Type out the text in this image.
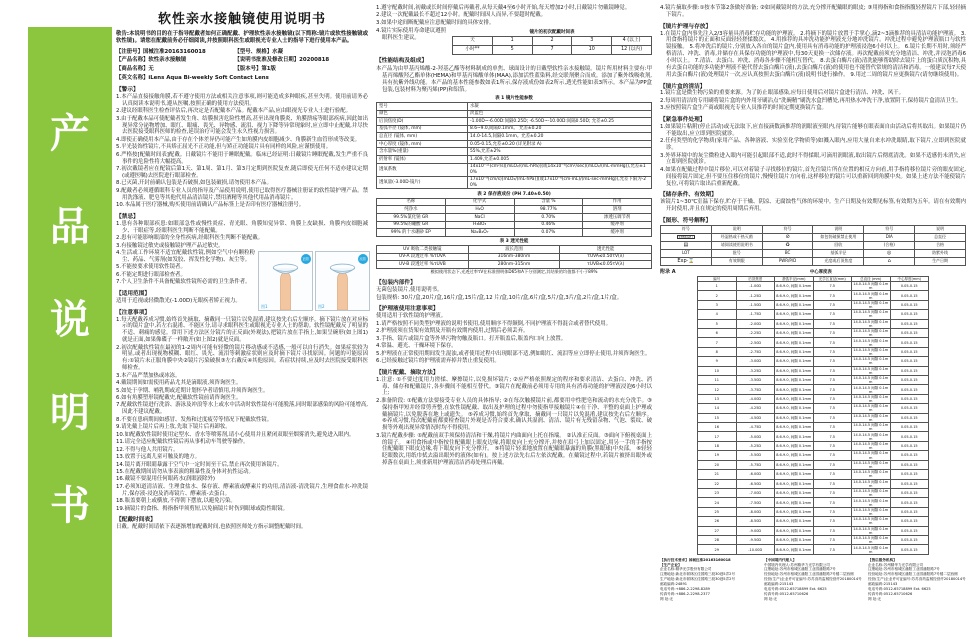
产
品
说
明
书
软性亲水接触镜使用说明书

敬告:本说明书的目的在于指导配戴者如何正确配戴、护理软性亲水接触镜(以下简称:镜片或软性接触镜或软性镜)。请您在配戴前务必仔细阅读,并按照眼科医生或眼视光专业人士的指导下进行使用本产品。

【注册号】国械注准20163160018	【型号、规格】水凝
【产品名称】软性亲水接触镜	【说明书批准及修改日期】20200818
【商品名称】无	【版本号】第1版
【英文名称】iLens Aqua Bi-weekly Soft Contact Lens
【警示】

1.本产品直接接触角膜,若不遵守使用方法或相关注意事项,则可能造成多种眼疾,甚至失明。使用前请务必认真阅读本说明书,遵从医嘱,按照正确的使用方法使用。

2.建议经眼科医生检查评估后,再决定是否配戴本产品。配戴本产品,应由眼视光专业人士进行验配。

3.由于配戴本品可使配戴者发生角、结膜损害危险性增高,甚至出现角膜炎、角膜溃疡等眼部疾病,因此如出现异常分泌物增加、眼红、眼痛、畏光、异物感、流泪、视力下降等异常现象时,应立即中止配戴,并尽快去医院接受眼科医师的检查,延误治疗可能会发生永久性视力损害。

4.即使正确使用本产品,由于存在个体差异仍可能产生如角膜内皮细胞减少、角膜新生血管形成等改变。

5.平光装饰性镜片,不具矫正屈光不正功能,但与矫正功能镜片具有同样的风险,应谨慎使用。

6.严格按[配戴时间表]配戴。日戴镜片不能用于睡眠配戴。临床已经证明:日戴镜片睡眠配戴,发生严重不良事件的危险性将大幅提高。

7.初次戴镜者应在配镜后第1天、第1周、第1月、第3月定期到医院复查,随后即使无任何不适亦建议定期(或遵医嘱)去医院进行眼部检查。

8.已灭菌,开封前确认包装是否破损,如包装破损,请勿使用本产品。

9.配戴者必须遵循眼科专业人员的指导及产品使用说明,使用已取得医疗器械注册证的软性镜护理产品。禁用洗涤液、肥皂等其他代用品清洁镜片,禁用酒精等其他代用品消毒镜片。

10.本品属于医疗器械,购买使用前请确认产品标签上是否印有医疗器械注册号。

【禁忌】

1.患有各种眼部疾患:如眼部急性或慢性炎症、青光眼、角膜知觉异常、角膜上皮缺损、角膜内皮细胞减少、干眼症等,经眼科医生判断不能配戴。

2.患有可能影响眼部的全身性疾病,经眼科医生判断不能配戴。

3.有接触镜过敏史或接触镜护理产品过敏史。

正面
图1
反面
图2

4.生活或工作环境不适宜配戴软性镜,例如空气中有颗粒粉尘、药品、气雾剂(如发胶、挥发性化学物)、灰尘等。

5.不能按要求使用软性镜者。

6.不能定期进行眼部检查者。

7.个人卫生条件不具备配戴软性镜所必需的卫生条件者。

【适用范围】

适用于近视或轻微散光(-1.00D)无眼疾者矫正视力。

【注意事项】

1.每天配戴养成习惯,始终首先摘取、摘戴同一只镜片以免混淆,建议按先右后左顺序。摘下镜片放在对应标示的镜片盒中,若左右混淆、不能区分,请寻求眼科医生或眼视光专业人士的帮助。软性镜配戴反了明显的不适、刺痛的感觉。常用下述方法区分镜片的正反面(外观法),把镜片放在手指上,如果呈碗形(如上图1)就是正面,如果像碟子一样敞开(如上图2)就是反面。

2.初次配戴软性镜在最初的1-2周内可能有轻微的镜片移动感或不适感,一般可以自行消失。如果症状较为明显,或者出现视物模糊、眼红、畏光、流泪等刺激症状则应及时摘下镜片寻找原因。问题的可能原因有:①镜片未正服角膜中央②镜片污染破损③左右戴反④其他原因。若症状持续,应及时去医院接受眼科医师检查。

3.本产品严禁加热或冰冻。

4.戴镜期间如需使用药品尤其是滴眼液,须咨询医生。

5.如处于孕期、哺乳期或近期计划怀孕者请慎用,并须咨询医生。

6.如有角膜塑形镜配戴史,配戴软性镜前请咨询医生。

7.配戴软性镜进行洗浴、游泳及冲浪等水上或水中活动时软性镜有可能脱落,同时眼部感染的风险可能增高,因此不建议配戴。

8.不要在患病期间如感冒、发热和过度疲劳等情况下配戴软性镜。

9.请先戴上镜片后再上妆,先取下镜片后再卸妆。

10.如配戴软性镜时使用定型水、香水等喷雾剂,请小心使用并且紧闭双眼至烟雾消失,避免进入眼内。

11.请完全适应配戴软性镜后再从事机动车驾驶等操作。

12.不得与他人共用镜片。

13.放置于远离儿童可触及的地方。

14.镜片离开眼睛暴露于空气中一定时间至干后,禁止再次使用该镜片。

15.在配戴期间请勿从事表演的粗暴性及身体对抗性运动。

16.戴镜不要混用任何眼药水(润眼液除外)

17.必须知道清洁液、生理食盐水、保存液、酵素液或酵素片的功用,清洁液-清洗镜片,生理食盐水-冲洗镜片,保存液-浸泡及消毒镜片、酵素液-去蛋白。

18.瓶盖要朝上或横放,不得朝下摆放,以避免污染。

19.摘镜片的食指、拇指指甲须剪短,以免摘镜片时伤到眼球或隐性眼镜。

【配戴时间表】

日戴。配戴时间请依下表逐渐增加配戴时间,也依照医师处方指示调整配戴时间。

1.遵守配戴时间,初戴或长时间停戴后再戴者,从每天戴4至6小时开始,每天增加2小时,日戴镜片勿戴镜睡觉。

2.建议一次配戴最长不超过12小时。配戴时间因人而异,不要超时配戴。

3.如果中途间断配戴应注意配戴时间的具体安排。

4.镜片实际使用寿命建议遵照眼科医生建议。

【性能结构及组成】
镜片的初次配戴时间表
天	1	2	3	4 (以上)
小时**	5	7	10	12 (以内)

本产品为由甲基丙烯酸-2-羟基乙酯等材料制成的单焦、球面设计的日戴型软性亲水接触镜。镜片所用材料主要有:甲基丙烯酸羟乙酯单体(HEMA)和甲基丙烯酸单体(MAA),添加活性蓝染料,经交联剂聚合而成。添加了紫外线吸收剂,具有抗紫外线功能。本产品的基本性能参数如表1所示,保存液成份如表2所示,透光性能如表3所示。本产品为PP盒包装,包装材料为聚丙烯(PP)和铝箔。

表 1 镜片性能参数
型号	水凝
颜色	淡蓝色
后顶焦度(D)	-1.00D~-6.00D:间隔0.25D; -6.50D~-10.00D:间隔0.50D; 允差±0.25
基弧半径 (镜体, mm)	8.6~9.0,间隔0.1mm。 允差±0.20
总直径 (镜体, mm)	14.0-14.5,间隔0.1mm。允差±0.20
中心厚度 (镜体, mm)	0.05-0.15,允差±0.20 (详见附录 A)
含水量%(重量)	55%,允差±2%
折射率 (镜体)	1.409,允差±0.005
透氧系数	14x10⁻¹¹(cm²/s)[mLO₂/(mL·hPa)](或14x10⁻⁹(cm²/sec)(mLO₂/(mL·mmHg)),允差±10%
透氧量(-3.00D·镜片)	17x10⁻⁹(cm/s)[mLO₂/(mL·hPa)](或17x10⁻⁶(cm·mL)/(mL·sec·mmHg)),允差下限为-20%
表 2 保存液成份 (PH 7.40±0.50)
名称	化学式	含量 %	作用
纯净水	H₂O	98.77%	溶剂
99.5%氯化钠 GR	NaCl	0.70%	渗透压调节剂
99.5%的硼酸 GR	H₃BO₃	0.46%	缓冲剂
99% 的十水硼砂 EP	Na₂B₄O₇	0.07%	缓冲剂
表 3 透光性能
UV 吸收二类接触镜	波长范围	透光性能
UV-A 段透过率 %τUVA	316nm-380nm	τUVA≤0.50τV(λ)
UV-B 段透过率 %τUVB	280nm-315nm	τUVB≤0.05τV(λ)

模拟使用状态下,光透过率τV在标准照明体D65和A下分别测定,其结果的均值都不小于89%

【包装内部件】

无菌包装镜片,使用说明书。

包装规格: 30片/盒,20片/盒,16片/盒,15片/盒,12 片/盒,10片/盒,6片/盒,5片/盒,3片/盒,2片/盒,1片/盒。

【护理液使用注意事项】

使用适用于软性镜的护理液。

1.请严格按照不同类型护理液的说明书使用,使用顺序不得颠倒,不同护理液不得混合或者替代使用。

2.护理液须在货架有效期及开瓶有效期内使用,过期后必须丢弃。

3.手指、镜片或镜片盒等外界污物勿触及瓶口。打开瓶盖后,瓶盖内口向上放置。

4.常温、避光、干燥环境下保存。

5.护理液在正常使用期间发生混浊,或者使用过程中出现眼部不适,例如眼红、流泪等应立即停止使用,并须咨询医生。

6.已经接触过镜片的护理液需弃掉并禁止重复使用。

【镜片配戴、摘取方法】

1.注意: ①不要过度用力搓揉、摩擦镜片,以免损坏镜片; ②应严格依照规定的程序和要求清洁、去蛋白、冲洗、消毒、储存和配戴镜片,各步骤间不能相互替代。③镜片在配戴前必须用专用的具有消毒功能的护理液浸泡6小时以上;

2.准备阶段: ①配戴方法要接受专业人员的具体指导; ②在每次触摸镜片前,都要用中性肥皂和流动的水充分洗手。③保持指甲短并经常剪齐整,在软性镜配戴、取出及护理的过程中勿使指甲接触镜片④在干净、平整的桌面上护理或戴摘镜片,以免脱落在地上或遗失。 ⑤养成习惯,始终首先拿取、摘戴同一只镜片以免混淆,建议按先右后左顺序。 ⑥养成习惯,每次配戴前都要检查镜片外观是否符合要求,确认其湿润、清洁、镜片有无残留杂物、气泡、裂纹、破损等外观出现异常情况时均不得使用。

3.镜片配戴步骤: ①配戴前双手须保持清洁和干燥,将镜片内曲面向上托在指端。 ②认准正反面。③面向下俯视桌面上的镜子。 ④用食指或中指按住配戴眼上眼皮边缘,将眼皮向上充分撑开,并按在眉弓上加以固定,用另一手的手指按住配戴眼下眼皮边缘,将下眼皮向下充分撑开。 ⑤将镜片轻柔地放置在配戴眼暴露的角膜(黑眼球)中央部。 ⑥轻轻眨眼数次,用纸巾拭去溢出眼外的液体(如有)。按上述方法先右后左依次配戴。在戴镜过程中,若镜片被挤出眼外或掉落在桌面上,须重新用护理液清洁消毒处理后再戴。

4.镜片摘取步骤:①按本节第2条做好准备; ②如同戴镜时的方法,充分撑开配戴眼的眼皮; ③用拇指和食指指腹轻捏镜片下部,轻轻摘下镜片。

【镜片护理与存放】

1.在镜片盒内事先注入2/3容量具消毒贮存功能的护理液。 2.将摘下的镜片放置于手掌心,滴2~3滴推荐的具清洁功能护理液。 3.用食指将镜片的正面和反面轻轻搓揉数次。 4.用推荐的具冲洗功能护理液充分地冲洗镜片。冲洗过程中避免护理液瓶口与软性镜接触。 5.将冲洗后的镜片,分别放入各自的镜片盒内,使用具有消毒功能的护理液浸泡6小时以上。 6.镜片长期不用时,须经严格清洁、冲洗、消毒,并储存在具保存功能的护理液中,每30天更换一次储存液。再次配戴前须充分地清洁、冲洗,并浸泡消毒6小时以上。 7.清洁、去蛋白、冲洗、消毒各步骤不能相互替代。 8.去蛋白酶片(液)清洗能够帮助除去镜片上的蛋白质沉积物,具有去蛋白功能的多功能护理液不能代替去蛋白酶片(液),去蛋白酶片(液)的使用也不能替代常规的清洁和消毒。一般建议每7天使用去蛋白酶片(液)处理镜片一次,应认真按照去蛋白酶片(液)说明书进行操作。 9.用过二周的镜片应更换镜片(请勿继续使用)。

【镜片盒的清洁】

1.镜片盒是微生物污染的重要来源。为了防止眼部感染,应每日使用后对镜片盒进行清洁、冲洗、风干。

2.每周用清洁的专用刷将镜片盒的内外用牙刷沾点“洗碗精”刷洗水盒凹槽处,再用热水冲洗干净,放置阴干,保持镜片盒清洁卫生。

3.应按照镜片盒生产商或眼视光专业人员推荐的时间定期更换镜片盒。

【紧急事件处理】

1.如果镜片粘附(停止活动)或无法取下,应直接滴数滴推荐的润眼液至眼内,待镜片能够在眼表面自由活动后将其取出。如果镜片仍不能取出,应立即到医院就诊。

2.任何类型的化学物质(家用产品、各种溶液、实验室化学物质等)如溅入眼内,应用大量自来水冲洗眼睛,取下镜片,立即到医院就诊。

3.外界环境中的灰尘微粒进入眼内可能引起眼部不适,此时不得揉眼,可滴用润眼液,取出镜片后彻底清洗。如果不适感仍未消失,应立即到医院就诊。

4.如果在配戴过程中镜片移位,可以对着镜子寻找移位的镜片,首先往镜片所在位置的相反方向看,用手指将移位镜片旁的眼皮固定,间接将镜片固定,但不要压住移位的镜片,慢慢往镜片方向看,这样移位的镜片可以重新回到角膜中央。如果上述方法不能使镜片复位,可将镜片取出后重新配戴。

【储存条件、有效期】

该镜片1~30℃室温下保存,贮存于干燥、阴凉、无腐蚀性气体的环境中。生产日期及有效期见标签,有效期为五年。请在有效期内开封使用,并且在规定的使用周期后弃用。

【图形、符号解释】
符号	说明	符号	说明	符号	说明
STERILE│	经湿热或干热灭菌	⊘	如包装破损禁止使用	DIA	总直径
▤	请阅读使用说明书	♻	回收	(合格)	合格
LOT	批号	BC	基弧半径	◎	防紫外线
Exp·⌛	有效期限	PWR/P/D	光度或后顶焦度	⌂	生产日期
附录 A	中心厚度表
编号	后顶焦度	基弧半径(mm)	光学区直径(mm)	总直径 (mm)	中心厚度(mm)
1	-1.00D	8.6-9.0, 间隔 0.1mm	7.5	14.0-14.5 间隔 0.1mm	0.05-0.15
2	-1.25D	8.6-9.0, 间隔 0.1mm	7.5	14.0-14.5 间隔 0.1mm	0.05-0.15
3	-1.50D	8.6-9.0, 间隔 0.1mm	7.5	14.0-14.5 间隔 0.1mm	0.05-0.15
4	-1.75D	8.6-9.0, 间隔 0.1mm	7.5	14.0-14.5 间隔 0.1mm	0.05-0.15
5	-2.00D	8.6-9.0, 间隔 0.1mm	7.5	14.0-14.5 间隔 0.1mm	0.05-0.15
6	-2.25D	8.6-9.0, 间隔 0.1mm	7.5	14.0-14.5 间隔 0.1mm	0.05-0.15
7	-2.50D	8.6-9.0, 间隔 0.1mm	7.5	14.0-14.5 间隔 0.1mm	0.05-0.15
8	-2.75D	8.6-9.0, 间隔 0.1mm	7.5	14.0-14.5 间隔 0.1mm	0.05-0.15
9	-3.00D	8.6-9.0, 间隔 0.1mm	7.5	14.0-14.5 间隔 0.1mm	0.05-0.15
10	-3.25D	8.6-9.0, 间隔 0.1mm	7.5	14.0-14.5 间隔 0.1mm	0.05-0.15
11	-3.50D	8.6-9.0, 间隔 0.1mm	7.5	14.0-14.5 间隔 0.1mm	0.05-0.15
12	-3.75D	8.6-9.0, 间隔 0.1mm	7.5	14.0-14.5 间隔 0.1mm	0.05-0.15
13	-4.00D	8.6-9.0, 间隔 0.1mm	7.5	14.0-14.5 间隔 0.1mm	0.05-0.15
14	-4.25D	8.6-9.0, 间隔 0.1mm	7.5	14.0-14.5 间隔 0.1mm	0.05-0.15
15	-4.50D	8.6-9.0, 间隔 0.1mm	7.5	14.0-14.5 间隔 0.1mm	0.05-0.15
16	-4.75D	8.6-9.0, 间隔 0.1mm	7.5	14.0-14.5 间隔 0.1mm	0.05-0.15
17	-5.00D	8.6-9.0, 间隔 0.1mm	7.5	14.0-14.5 间隔 0.1mm	0.05-0.15
18	-5.25D	8.6-9.0, 间隔 0.1mm	7.5	14.0-14.5 间隔 0.1mm	0.05-0.15
19	-5.50D	8.6-9.0, 间隔 0.1mm	7.5	14.0-14.5 间隔 0.1mm	0.05-0.15
20	-5.75D	8.6-9.0, 间隔 0.1mm	7.5	14.0-14.5 间隔 0.1mm	0.05-0.15
21	-6.00D	8.6-9.0, 间隔 0.1mm	7.5	14.0-14.5 间隔 0.1mm	0.05-0.15
22	-6.50D	8.6-9.0, 间隔 0.1mm	7.5	14.0-14.5 间隔 0.1mm	0.05-0.15
23	-7.00D	8.6-9.0, 间隔 0.1mm	7.5	14.0-14.5 间隔 0.1mm	0.05-0.15
24	-7.50D	8.6-9.0, 间隔 0.1mm	7.5	14.0-14.5 间隔 0.1mm	0.05-0.15
25	-8.00D	8.6-9.0, 间隔 0.1mm	7.5	14.0-14.5 间隔 0.1mm	0.05-0.15
26	-8.50D	8.6-9.0, 间隔 0.1mm	7.5	14.0-14.5 间隔 0.1mm	0.05-0.15
27	-9.00D	8.6-9.0, 间隔 0.1mm	7.5	14.0-14.5 间隔 0.1mm	0.05-0.15
28	-9.50D	8.6-9.0, 间隔 0.1mm	7.5	14.0-14.5 间隔 0.1mm	0.05-0.15
29	-10.00D	8.6-9.0, 间隔 0.1mm	7.5	14.0-14.5 间隔 0.1mm	0.05-0.15
【执行技术要求】国械注准20163160018
【生产企业】
企业名称:精华光学股份有限公司
注册地址:新北市树林区佳园路三段30巷5弄2号
生产地址:新北市树林区佳园路三段30巷5弄2号
邮政编码:24891
电话号码:+886-2-2298-8289
传真号码:+886-2-2298-2377
网 址:无
【中国境内代理人】
中国境内代理人:苏州精华力光学有限公司
注册地址:苏州市相城区潘阳工业园潘阳路7号
经营地址:苏州市相城区潘阳工业园潘阳路7号楼二层西侧
经营(生产)企业许可证编号:苏苏食药监械经营许20180014号
邮政编码:215143
电话号码:0512-65718899 Ext. 6625
传真号码:0512-65710626
网 址:无
【售后服务机构】
企业名称:苏州精华力光学有限公司
注册地址:苏州市相城区潘阳工业园潘阳路7号
经营地址:苏州市相城区潘阳工业园潘阳路7号楼二层西侧
经营(生产)企业许可证编号:苏苏食药监械经营许20180014号
邮政编码:215143
电话号码:0512-65718899 Ext. 6625
传真号码:0512-65710626
网 址:无
